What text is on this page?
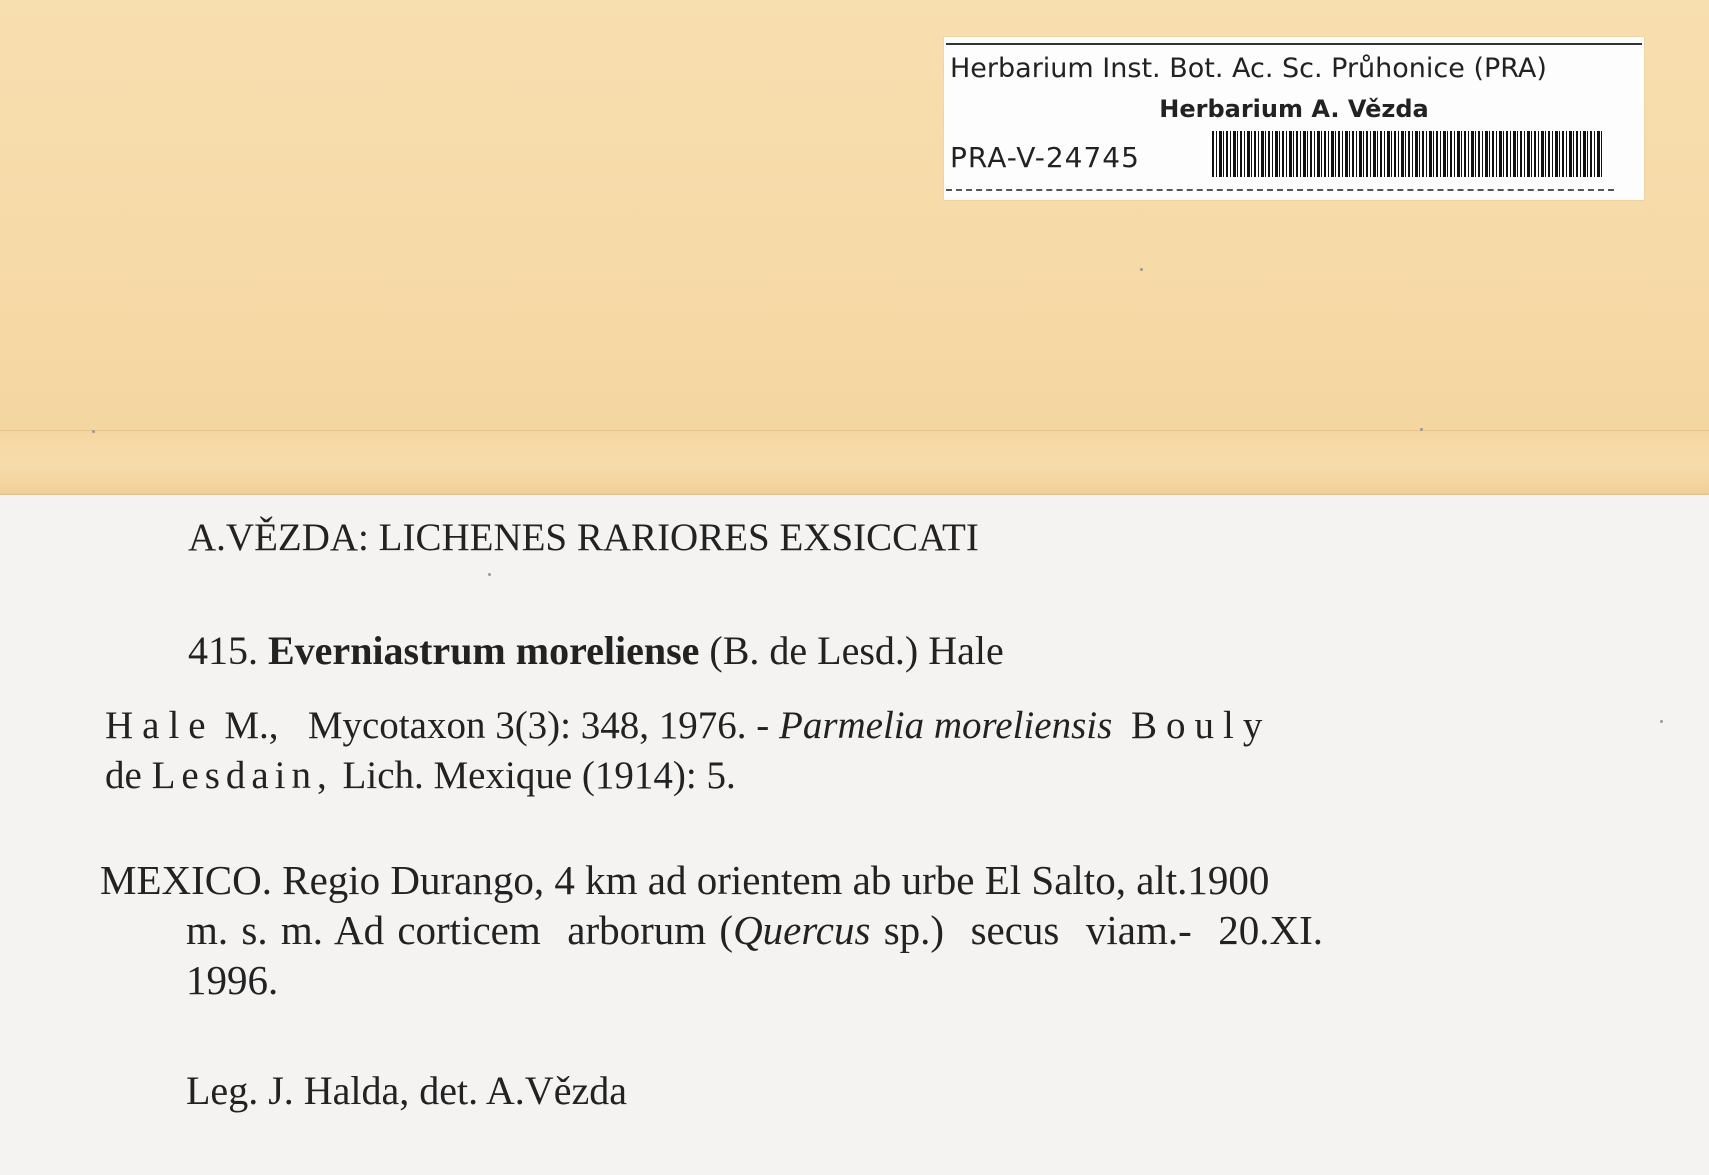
Herbarium Inst. Bot. Ac. Sc. Průhonice (PRA)
Herbarium A. Vězda
PRA-V-24745
A.VĚZDA: LICHENES RARIORES EXSICCATI
415. Everniastrum moreliense (B. de Lesd.) Hale
Hale M.,   Mycotaxon 3(3): 348, 1976. - Parmelia moreliensis Bouly
de Lesdain, Lich. Mexique (1914): 5.
MEXICO. Regio Durango, 4 km ad orientem ab urbe El Salto, alt.1900
m. s. m. Ad corticem  arborum (Quercus sp.)  secus  viam.-  20.XI.
1996.
Leg. J. Halda, det. A.Vězda
